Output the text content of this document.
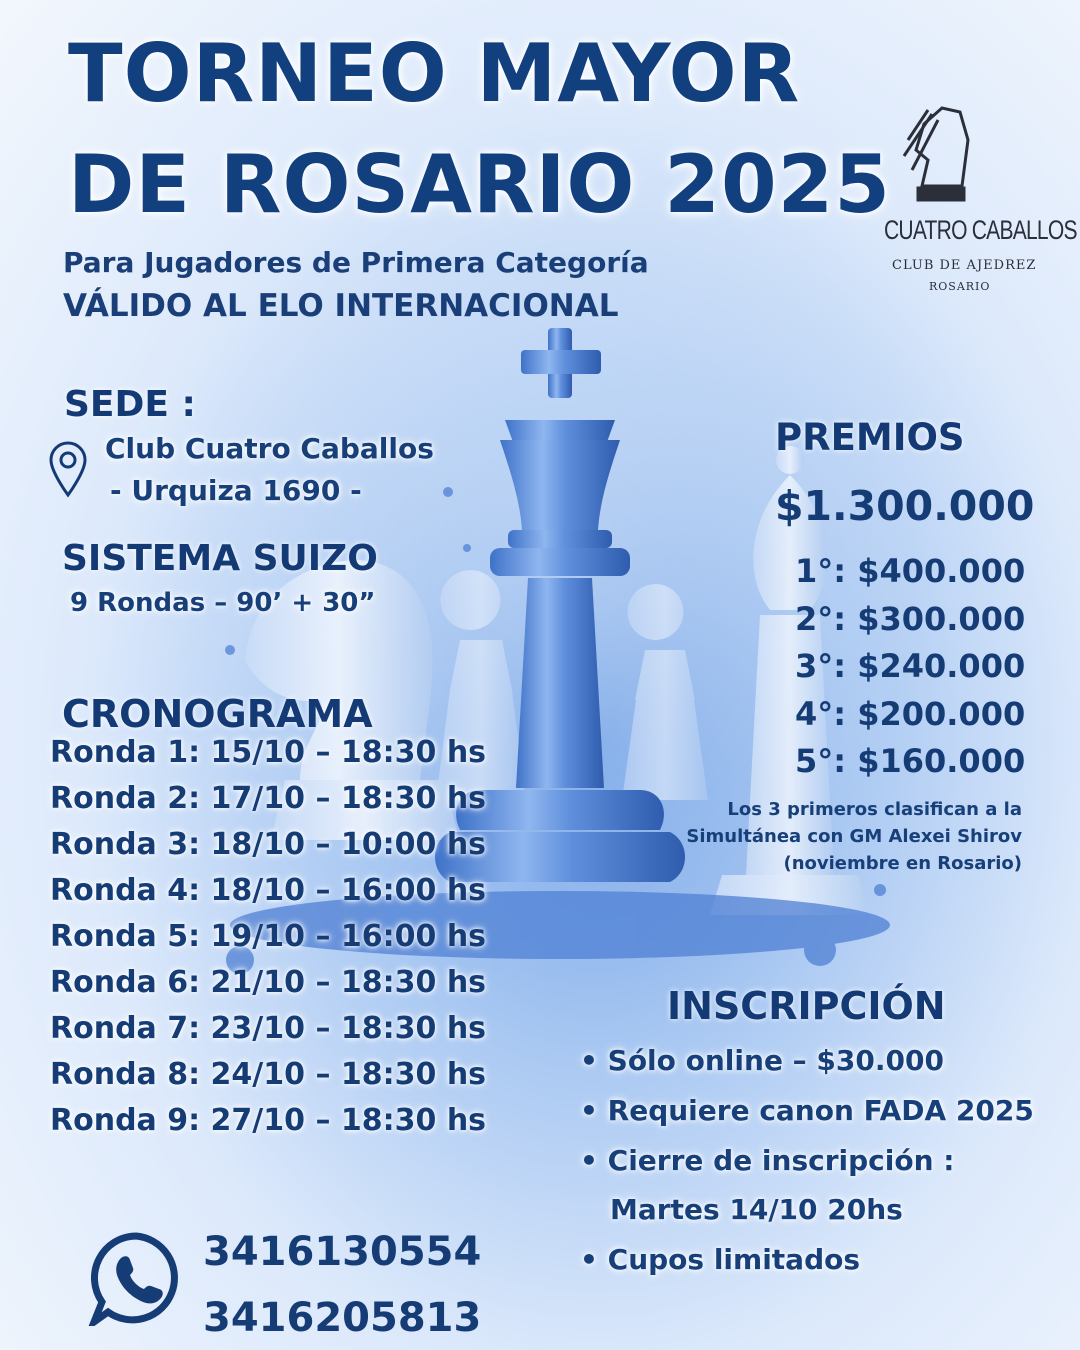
TORNEO MAYOR
DE ROSARIO 2025
Para Jugadores de Primera Categoría
VÁLIDO AL ELO INTERNACIONAL
CUATRO CABALLOS
CLUB DE AJEDREZ
ROSARIO
SEDE :
Club Cuatro Caballos
- Urquiza 1690 -
SISTEMA SUIZO
9 Rondas – 90’ + 30”
CRONOGRAMA
Ronda 1: 15/10 – 18:30 hs
Ronda 2: 17/10 – 18:30 hs
Ronda 3: 18/10 – 10:00 hs
Ronda 4: 18/10 – 16:00 hs
Ronda 5: 19/10 – 16:00 hs
Ronda 6: 21/10 – 18:30 hs
Ronda 7: 23/10 – 18:30 hs
Ronda 8: 24/10 – 18:30 hs
Ronda 9: 27/10 – 18:30 hs
PREMIOS
$1.300.000
1°: $400.000
2°: $300.000
3°: $240.000
4°: $200.000
5°: $160.000
Los 3 primeros clasifican a la
Simultánea con GM Alexei Shirov
(noviembre en Rosario)
INSCRIPCIÓN
• Sólo online – $30.000
• Requiere canon FADA 2025
• Cierre de inscripción :
Martes 14/10 20hs
• Cupos limitados
3416130554
3416205813
